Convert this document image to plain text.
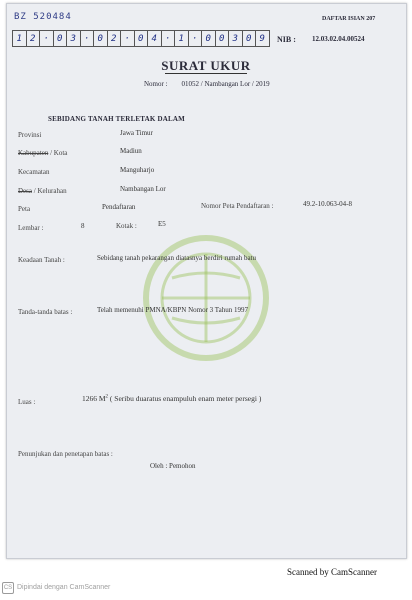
BZ 520484	DAFTAR ISIAN 207
1 2 · 0 3 · 0 2 · 0 4 · 1 · 0 0 3 0 9	NIB : 12.03.02.04.00524
SURAT UKUR
Nomor : 01052 / Nambangan Lor / 2019
SEBIDANG TANAH TERLETAK DALAM
Provinsi	Jawa Timur
Kabupaten / Kota	Madiun
Kecamatan	Manguharjo
Desa / Kelurahan	Nambangan Lor
Peta	Pendaftaran	Nomor Peta Pendaftaran :	49.2-10.063-04-8
Lembar :	8	Kotak :	E5
Keadaan Tanah :	Sebidang tanah pekarangan diatasnya berdiri rumah batu
Tanda-tanda batas :	Telah memenuhi PMNA/KBPN Nomor 3 Tahun 1997
Luas :	1266 $M^2$ ( Seribu duaratus enampuluh enam meter persegi )
Penunjukan dan penetapan batas :
Oleh : Pemohon
Scanned by CamScanner
CS Dipindai dengan CamScanner
